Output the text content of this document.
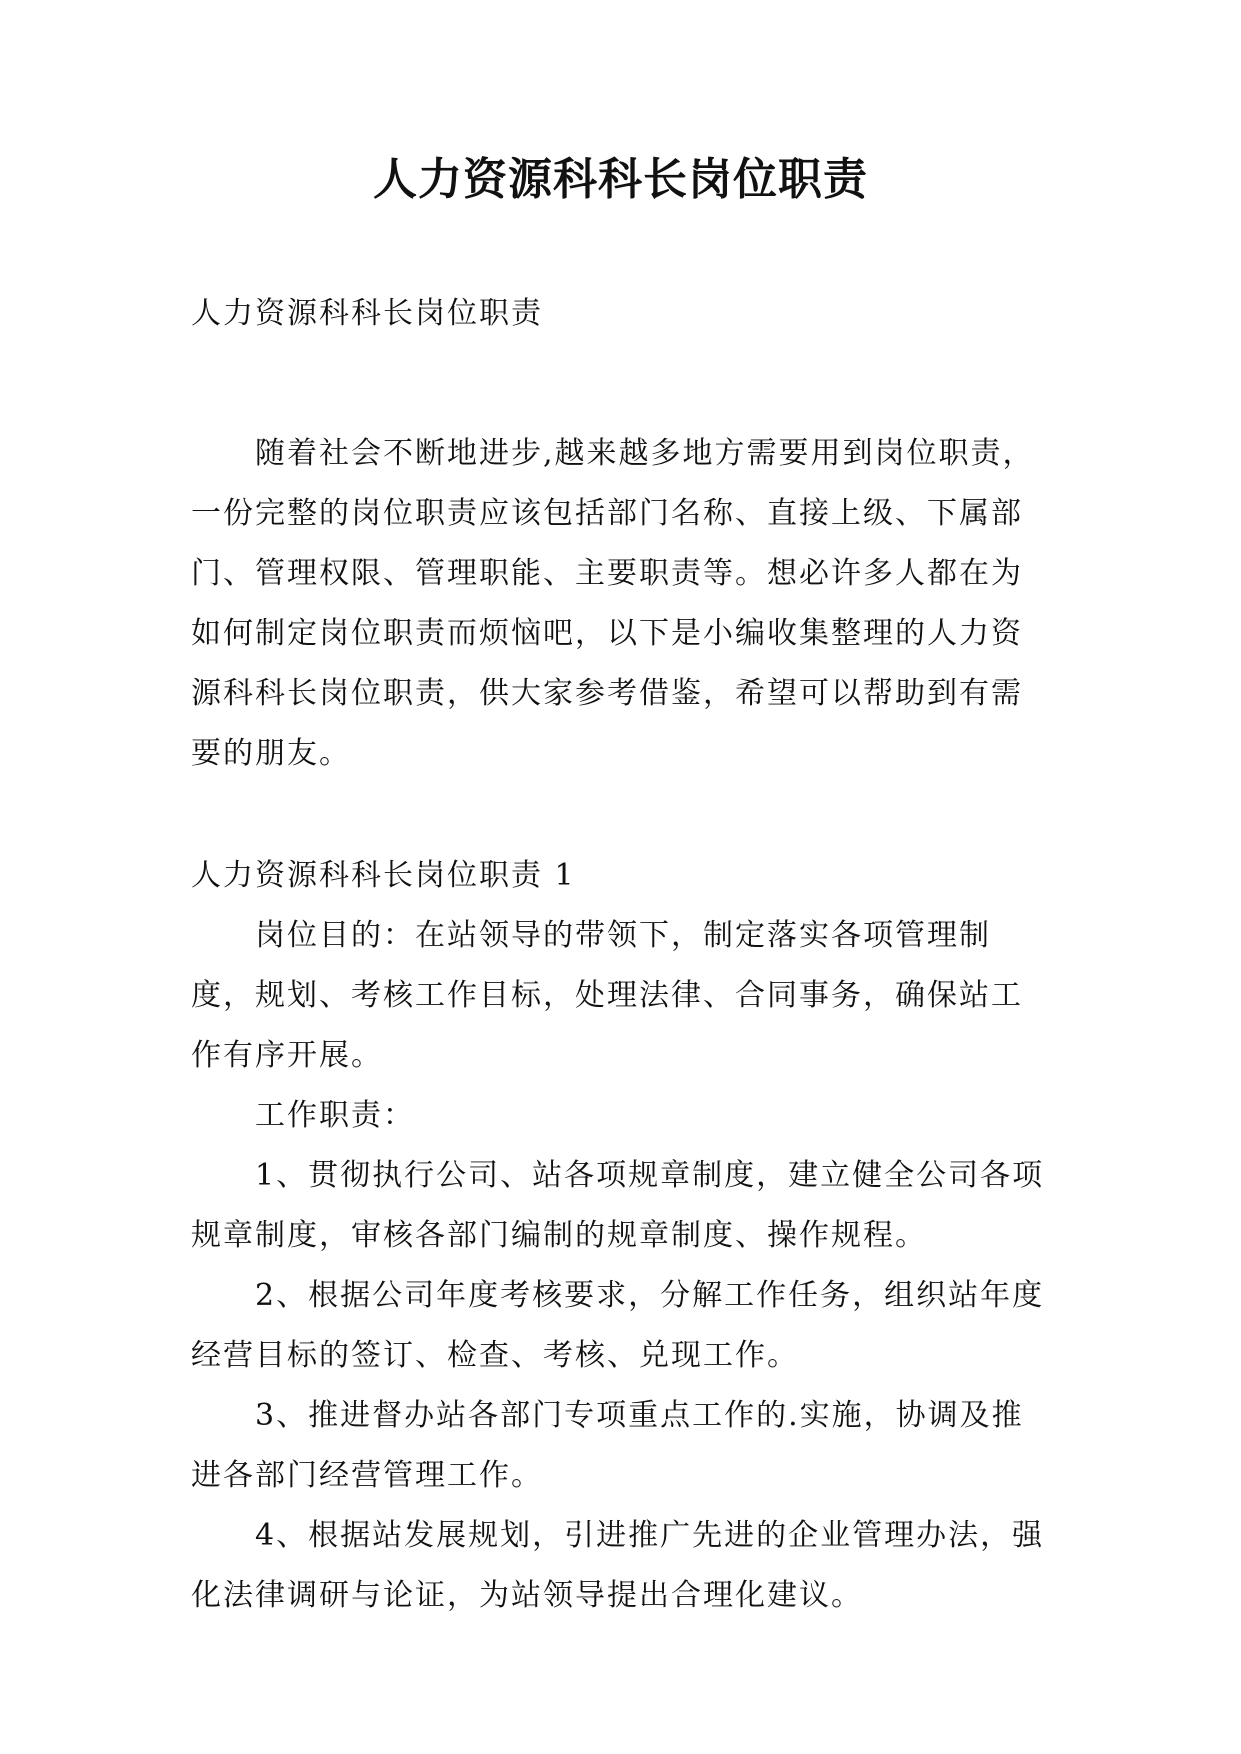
人力资源科科长岗位职责

人力资源科科长岗位职责

随着社会不断地进步,越来越多地方需要用到岗位职责，一份完整的岗位职责应该包括部门名称、直接上级、下属部门、管理权限、管理职能、主要职责等。想必许多人都在为如何制定岗位职责而烦恼吧，以下是小编收集整理的人力资源科科长岗位职责，供大家参考借鉴，希望可以帮助到有需要的朋友。

人力资源科科长岗位职责 1

岗位目的：在站领导的带领下，制定落实各项管理制度，规划、考核工作目标，处理法律、合同事务，确保站工作有序开展。

工作职责：

1、贯彻执行公司、站各项规章制度，建立健全公司各项规章制度，审核各部门编制的规章制度、操作规程。

2、根据公司年度考核要求，分解工作任务，组织站年度经营目标的签订、检查、考核、兑现工作。

3、推进督办站各部门专项重点工作的.实施，协调及推进各部门经营管理工作。

4、根据站发展规划，引进推广先进的企业管理办法，强化法律调研与论证，为站领导提出合理化建议。
